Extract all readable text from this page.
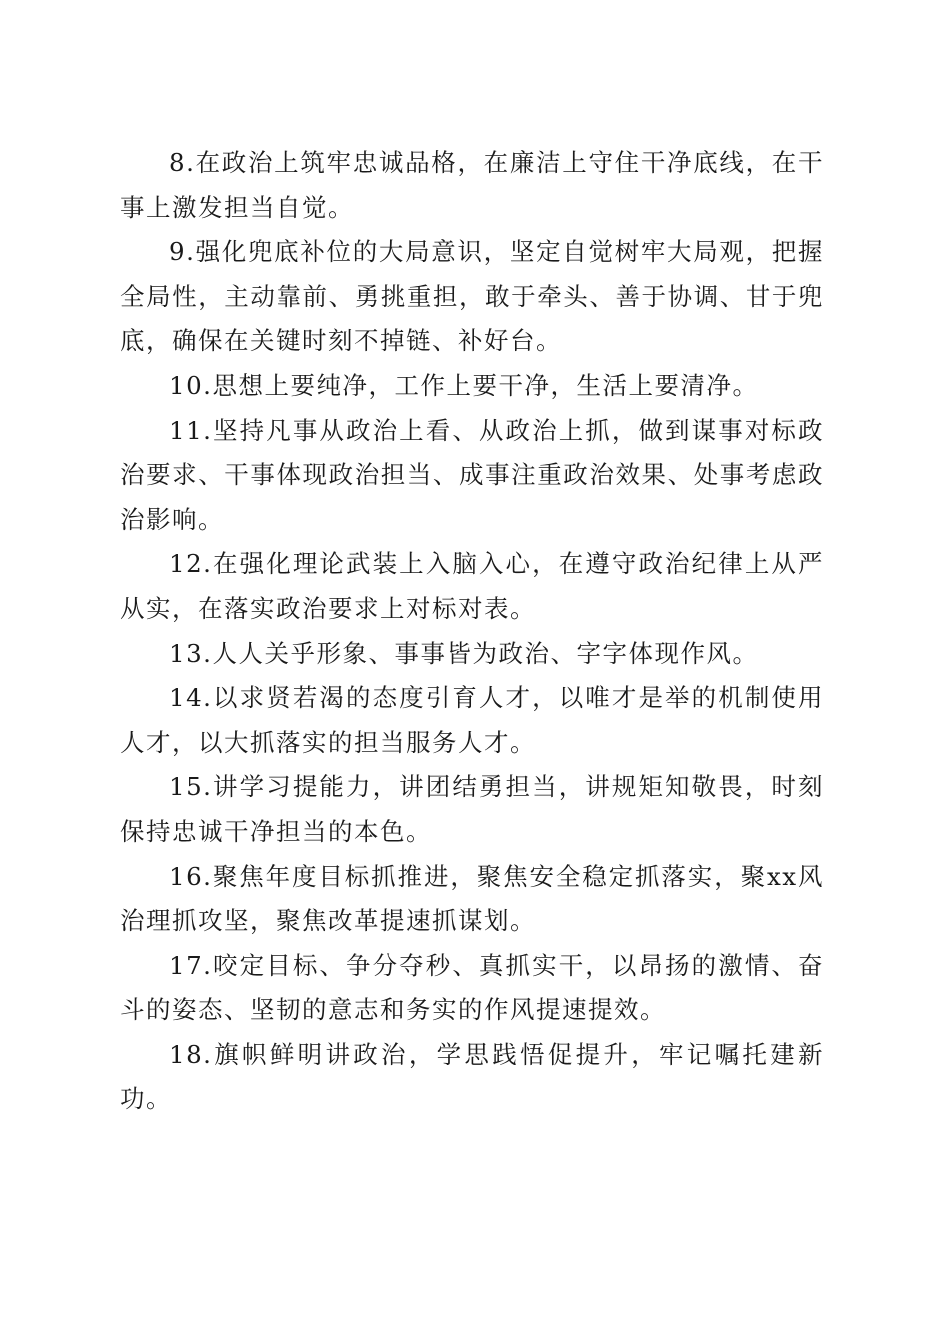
8.在政治上筑牢忠诚品格，在廉洁上守住干净底线，在干事上激发担当自觉。

9.强化兜底补位的大局意识，坚定自觉树牢大局观，把握全局性，主动靠前、勇挑重担，敢于牵头、善于协调、甘于兜底，确保在关键时刻不掉链、补好台。

10.思想上要纯净，工作上要干净，生活上要清净。

11.坚持凡事从政治上看、从政治上抓，做到谋事对标政治要求、干事体现政治担当、成事注重政治效果、处事考虑政治影响。

12.在强化理论武装上入脑入心，在遵守政治纪律上从严从实，在落实政治要求上对标对表。

13.人人关乎形象、事事皆为政治、字字体现作风。

14.以求贤若渴的态度引育人才，以唯才是举的机制使用人才，以大抓落实的担当服务人才。

15.讲学习提能力，讲团结勇担当，讲规矩知敬畏，时刻保持忠诚干净担当的本色。

16.聚焦年度目标抓推进，聚焦安全稳定抓落实，聚xx风治理抓攻坚，聚焦改革提速抓谋划。

17.咬定目标、争分夺秒、真抓实干，以昂扬的激情、奋斗的姿态、坚韧的意志和务实的作风提速提效。

18.旗帜鲜明讲政治，学思践悟促提升，牢记嘱托建新功。
